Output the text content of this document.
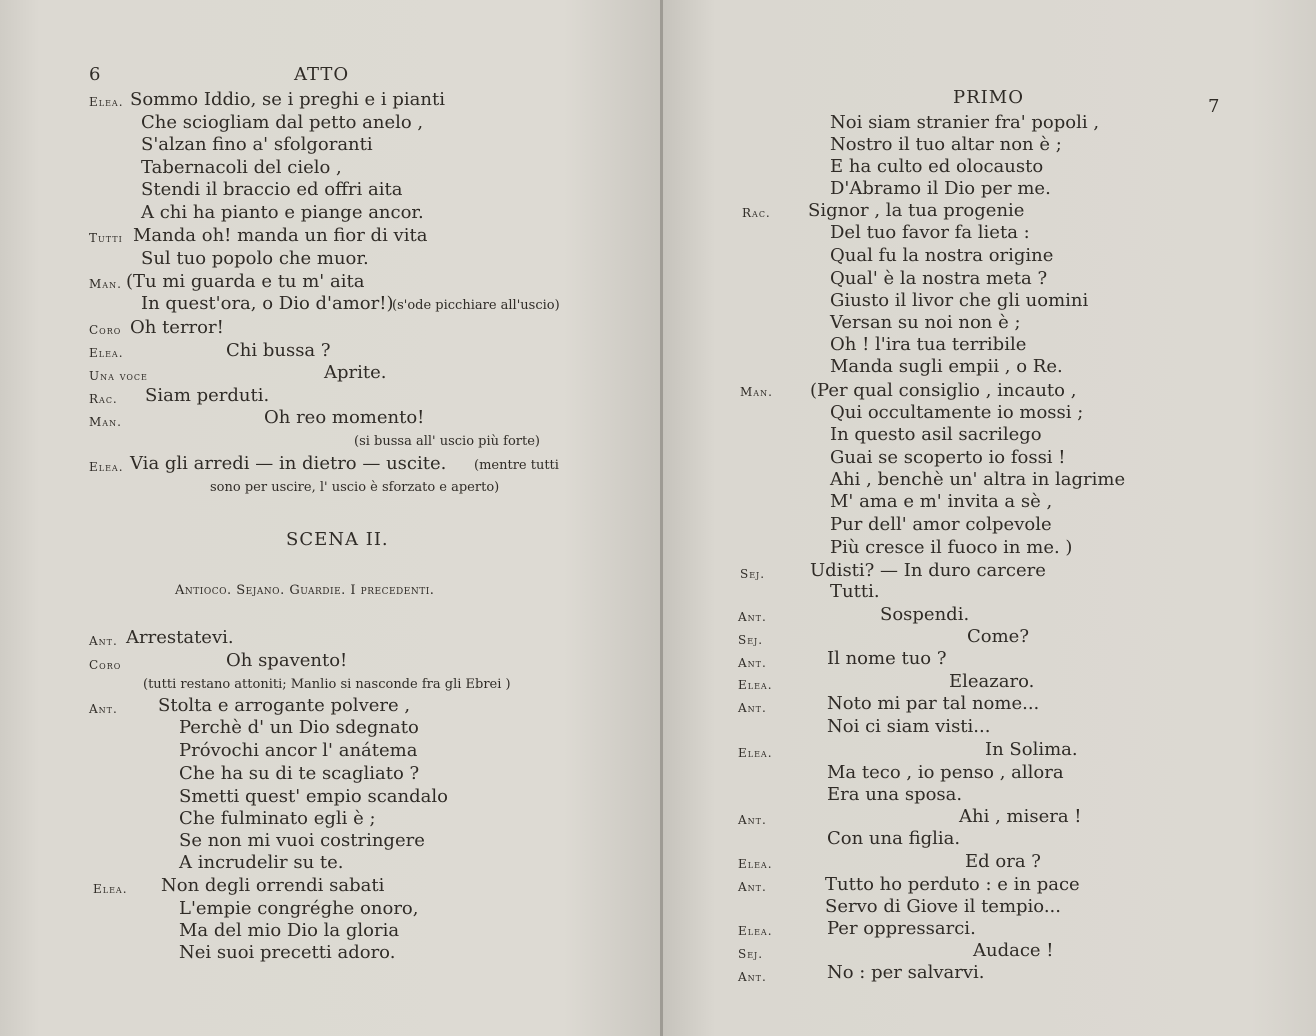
6	ATTO
Elea. Sommo Iddio, se i preghi e i pianti
Che sciogliam dal petto anelo ,
S'alzan fino a' sfolgoranti
Tabernacoli del cielo ,
Stendi il braccio ed offri aita
A chi ha pianto e piange ancor.
Tutti Manda oh! manda un fior di vita
Sul tuo popolo che muor.
Man. (Tu mi guarda e tu m' aita
In quest'ora, o Dio d'amor!)
(s'ode picchiare all'uscio)
Coro Oh terror!
Elea.	Chi bussa ?
Una voce	Aprite.
Rac. Siam perduti.
Man.	Oh reo momento!
(si bussa all' uscio più forte)
Elea. Via gli arredi — in dietro — uscite. (mentre tutti
sono per uscire, l' uscio è sforzato e aperto)
SCENA II.
Antioco. Sejano. Guardie. I precedenti.
Ant. Arrestatevi.
Coro	Oh spavento!
(tutti restano attoniti; Manlio si nasconde fra gli Ebrei )
Ant. Stolta e arrogante polvere ,
Perchè d' un Dio sdegnato
Próvochi ancor l' anátema
Che ha su di te scagliato ?
Smetti quest' empio scandalo
Che fulminato egli è ;
Se non mi vuoi costringere
A incrudelir su te.
Elea. Non degli orrendi sabati
L'empie congréghe onoro,
Ma del mio Dio la gloria
Nei suoi precetti adoro.
PRIMO	7
Noi siam stranier fra' popoli ,
Nostro il tuo altar non è ;
E ha culto ed olocausto
D'Abramo il Dio per me.
Rac. Signor , la tua progenie
Del tuo favor fa lieta :
Qual fu la nostra origine
Qual' è la nostra meta ?
Giusto il livor che gli uomini
Versan su noi non è ;
Oh ! l'ira tua terribile
Manda sugli empii , o Re.
Man. (Per qual consiglio , incauto ,
Qui occultamente io mossi ;
In questo asil sacrilego
Guai se scoperto io fossi !
Ahi , benchè un' altra in lagrime
M' ama e m' invita a sè ,
Pur dell' amor colpevole
Più cresce il fuoco in me. )
Sej. Udisti? — In duro carcere
Tutti.
Ant.	Sospendi.
Sej.	Come?
Ant.	Il nome tuo ?
Elea.	Eleazaro.
Ant.	Noto mi par tal nome...
Noi ci siam visti...
Elea.	In Solima.
Ma teco , io penso , allora
Era una sposa.
Ant.	Ahi , misera !
Con una figlia.
Elea.	Ed ora ?
Ant.	Tutto ho perduto : e in pace
Servo di Giove il tempio...
Elea.	Per oppressarci.
Sej.	Audace !
Ant.	No : per salvarvi.
